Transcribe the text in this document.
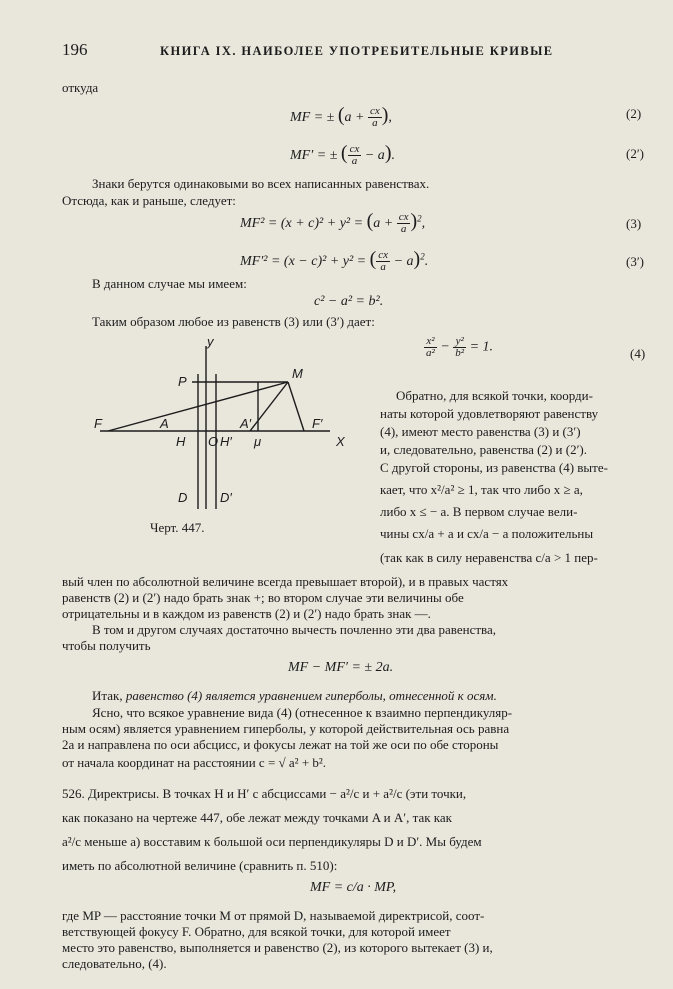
196	КНИГА IX. НАИБОЛЕЕ УПОТРЕБИТЕЛЬНЫЕ КРИВЫЕ
откуда
MF = ± ($a + \frac{cx}{a}$ ),	(2)
MF′ = ± ( $\frac{cx}{a} - a$).	(2′)
Знаки берутся одинаковыми во всех написанных равенствах.
Отсюда, как и раньше, следует:
$MF^2 = (x + c)^2 + y^2 = (a + \frac{cx}{a} )^2$,	(3)
MF′² = (x − c)² + y² = ( $\frac{cx}{a} - a)^2$.	(3′)
В данном случае мы имеем:
c² − a² = b².
Таким образом любое из равенств (3) или (3′) дает:
$\frac{\text{x²}}{\text{a²}} - \frac{\text{y²}}{\text{b²}} = 1$.	(4)
y
P
M
F	A	A′	F′
H O H′ μ	X
D	D′
Черт. 447.
Обратно, для всякой точки, коорди-
наты которой удовлетворяют равенству
(4), имеют место равенства (3) и (3′)
и, следовательно, равенства (2) и (2′).
С другой стороны, из равенства (4) выте-
кает, что x²/a² ≥ 1, так что либо x ≥ a,
либо x ≤ − a. В первом случае вели-
чины cx/a + a и cx/a − a положительны
(так как в силу неравенства c/a > 1 пер-
вый член по абсолютной величине всегда превышает второй), и в правых частях
равенств (2) и (2′) надо брать знак +; во втором случае эти величины обе
отрицательны и в каждом из равенств (2) и (2′) надо брать знак —.
В том и другом случаях достаточно вычесть почленно эти два равенства,
чтобы получить
MF − MF′ = ± 2a.
Итак, равенство (4) является уравнением гиперболы, отнесенной к осям.
Ясно, что всякое уравнение вида (4) (отнесенное к взаимно перпендикуляр-
ным осям) является уравнением гиперболы, у которой действительная ось равна
2a и направлена по оси абсцисс, и фокусы лежат на той же оси по обе стороны
от начала координат на расстоянии c = √ a² + b².
526. Директрисы. В точках H и H′ с абсциссами − a²/c и + a²/c (эти точки,
как показано на чертеже 447, обе лежат между точками A и A′, так как
a²/c меньше a) восставим к большой оси перпендикуляры D и D′. Мы будем
иметь по абсолютной величине (сравнить п. 510):
MF = c/a · MP,
где MP — расстояние точки M от прямой D, называемой директрисой, соот-
ветствующей фокусу F. Обратно, для всякой точки, для которой имеет
место это равенство, выполняется и равенство (2), из которого вытекает (3) и,
следовательно, (4).
